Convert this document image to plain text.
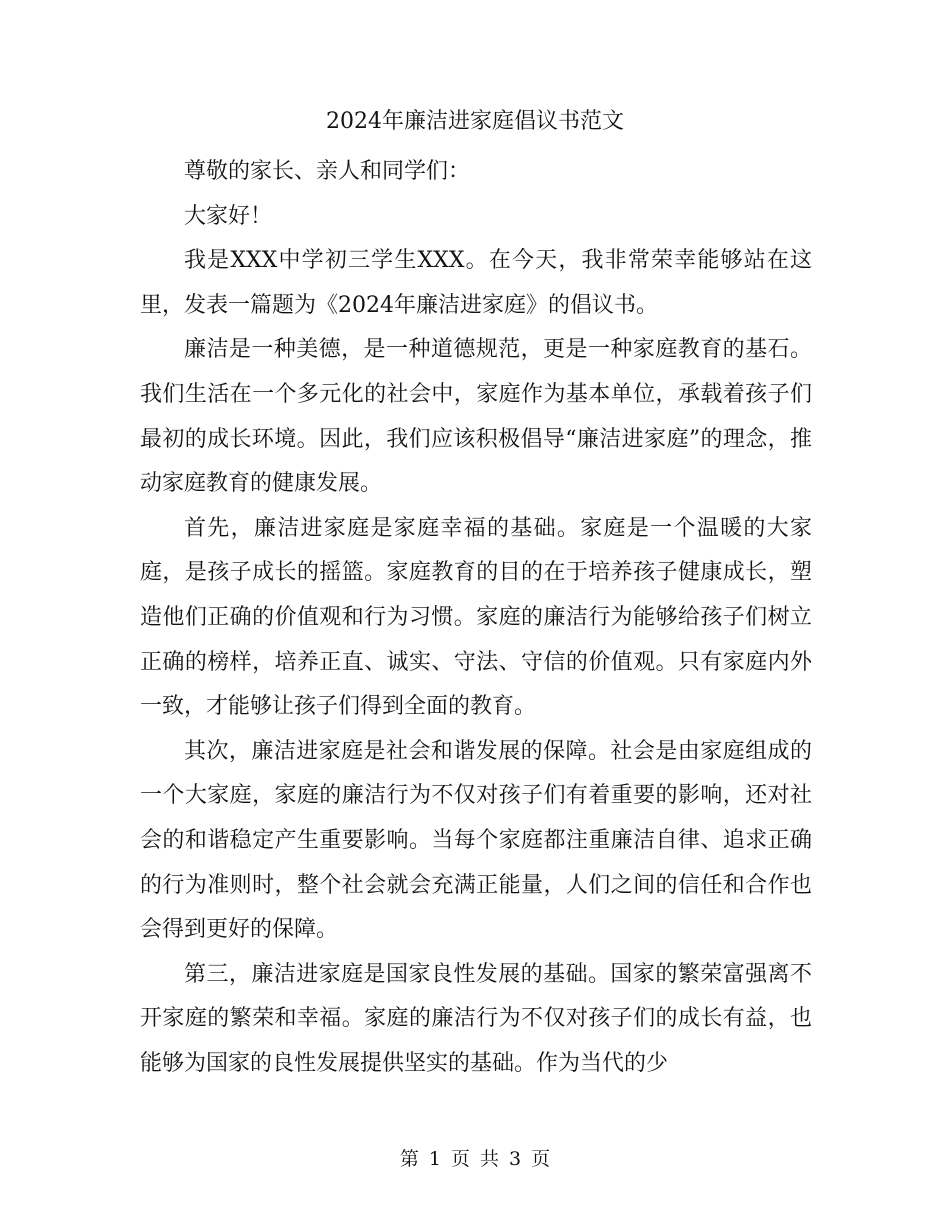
2024年廉洁进家庭倡议书范文

尊敬的家长、亲人和同学们：

大家好！

我是XXX中学初三学生XXX。在今天，我非常荣幸能够站在这里，发表一篇题为《2024年廉洁进家庭》的倡议书。

廉洁是一种美德，是一种道德规范，更是一种家庭教育的基石。我们生活在一个多元化的社会中，家庭作为基本单位，承载着孩子们最初的成长环境。因此，我们应该积极倡导“廉洁进家庭”的理念，推动家庭教育的健康发展。

首先，廉洁进家庭是家庭幸福的基础。家庭是一个温暖的大家庭，是孩子成长的摇篮。家庭教育的目的在于培养孩子健康成长，塑造他们正确的价值观和行为习惯。家庭的廉洁行为能够给孩子们树立正确的榜样，培养正直、诚实、守法、守信的价值观。只有家庭内外一致，才能够让孩子们得到全面的教育。

其次，廉洁进家庭是社会和谐发展的保障。社会是由家庭组成的一个大家庭，家庭的廉洁行为不仅对孩子们有着重要的影响，还对社会的和谐稳定产生重要影响。当每个家庭都注重廉洁自律、追求正确的行为准则时，整个社会就会充满正能量，人们之间的信任和合作也会得到更好的保障。

第三，廉洁进家庭是国家良性发展的基础。国家的繁荣富强离不开家庭的繁荣和幸福。家庭的廉洁行为不仅对孩子们的成长有益，也能够为国家的良性发展提供坚实的基础。作为当代的少

第 1 页 共 3 页
